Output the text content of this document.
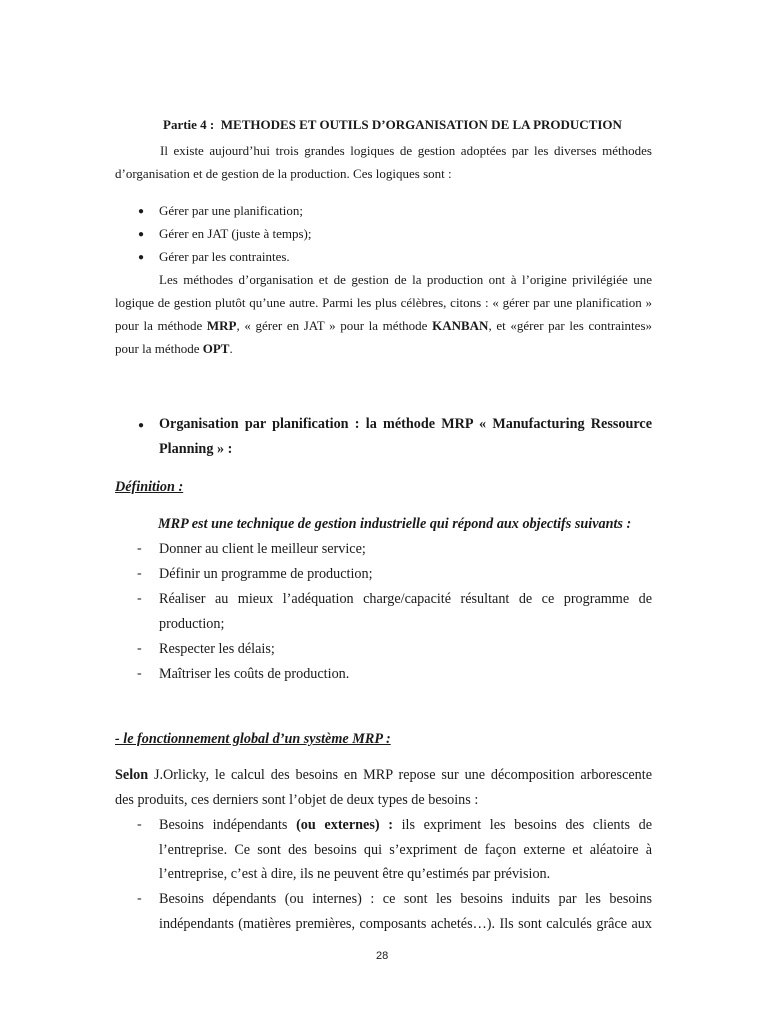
Partie 4 : METHODES ET OUTILS D’ORGANISATION DE LA PRODUCTION
Il existe aujourd’hui trois grandes logiques de gestion adoptées par les diverses méthodes
d’organisation et de gestion de la production. Ces logiques sont :
● Gérer par une planification;
● Gérer en JAT (juste à temps);
● Gérer par les contraintes.
Les méthodes d’organisation et de gestion de la production ont à l’origine privilégiée une
logique de gestion plutôt qu’une autre. Parmi les plus célèbres, citons : « gérer par une planification »
pour la méthode MRP, « gérer en JAT » pour la méthode KANBAN, et «gérer par les contraintes»
pour la méthode OPT.
● Organisation par planification : la méthode MRP « Manufacturing Ressource
Planning » :
Définition :
MRP est une technique de gestion industrielle qui répond aux objectifs suivants :
- Donner au client le meilleur service;
- Définir un programme de production;
- Réaliser au mieux l’adéquation charge/capacité résultant de ce programme de
production;
- Respecter les délais;
- Maîtriser les coûts de production.
- le fonctionnement global d’un système MRP :
Selon J.Orlicky, le calcul des besoins en MRP repose sur une décomposition arborescente
des produits, ces derniers sont l’objet de deux types de besoins :
- Besoins indépendants (ou externes) : ils expriment les besoins des clients de
l’entreprise. Ce sont des besoins qui s’expriment de façon externe et aléatoire à
l’entreprise, c’est à dire, ils ne peuvent être qu’estimés par prévision.
- Besoins dépendants (ou internes) : ce sont les besoins induits par les besoins
indépendants (matières premières, composants achetés…). Ils sont calculés grâce aux
28
